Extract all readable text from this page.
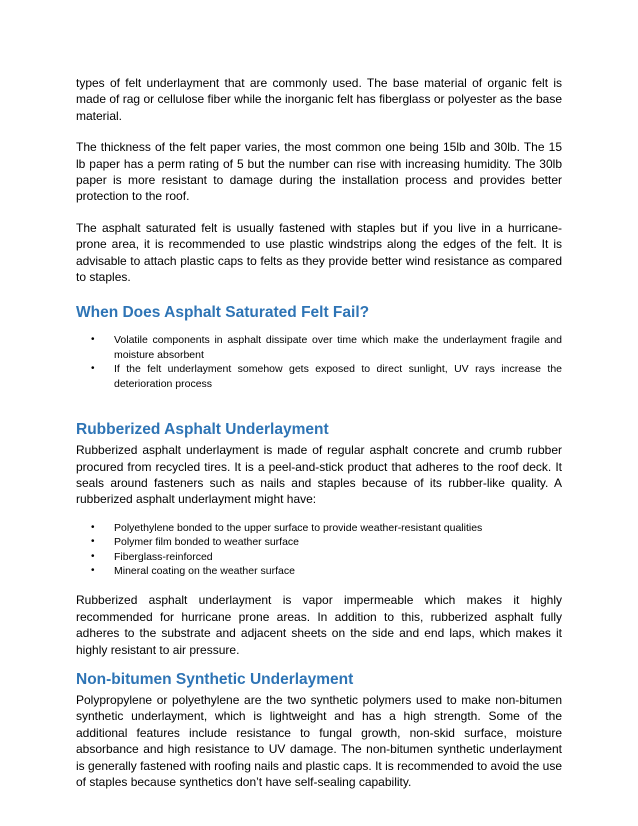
types of felt underlayment that are commonly used. The base material of organic felt is made of rag or cellulose fiber while the inorganic felt has fiberglass or polyester as the base material.

The thickness of the felt paper varies, the most common one being 15lb and 30lb. The 15 lb paper has a perm rating of 5 but the number can rise with increasing humidity. The 30lb paper is more resistant to damage during the installation process and provides better protection to the roof.

The asphalt saturated felt is usually fastened with staples but if you live in a hurricane-prone area, it is recommended to use plastic windstrips along the edges of the felt. It is advisable to attach plastic caps to felts as they provide better wind resistance as compared to staples.

When Does Asphalt Saturated Felt Fail?
• Volatile components in asphalt dissipate over time which make the underlayment fragile and moisture absorbent
• If the felt underlayment somehow gets exposed to direct sunlight, UV rays increase the deterioration process
Rubberized Asphalt Underlayment

Rubberized asphalt underlayment is made of regular asphalt concrete and crumb rubber procured from recycled tires. It is a peel-and-stick product that adheres to the roof deck. It seals around fasteners such as nails and staples because of its rubber-like quality. A rubberized asphalt underlayment might have:

• Polyethylene bonded to the upper surface to provide weather-resistant qualities
• Polymer film bonded to weather surface
• Fiberglass-reinforced
• Mineral coating on the weather surface

Rubberized asphalt underlayment is vapor impermeable which makes it highly recommended for hurricane prone areas. In addition to this, rubberized asphalt fully adheres to the substrate and adjacent sheets on the side and end laps, which makes it highly resistant to air pressure.

Non-bitumen Synthetic Underlayment

Polypropylene or polyethylene are the two synthetic polymers used to make non-bitumen synthetic underlayment, which is lightweight and has a high strength. Some of the additional features include resistance to fungal growth, non-skid surface, moisture absorbance and high resistance to UV damage. The non-bitumen synthetic underlayment is generally fastened with roofing nails and plastic caps. It is recommended to avoid the use of staples because synthetics don’t have self-sealing capability.
